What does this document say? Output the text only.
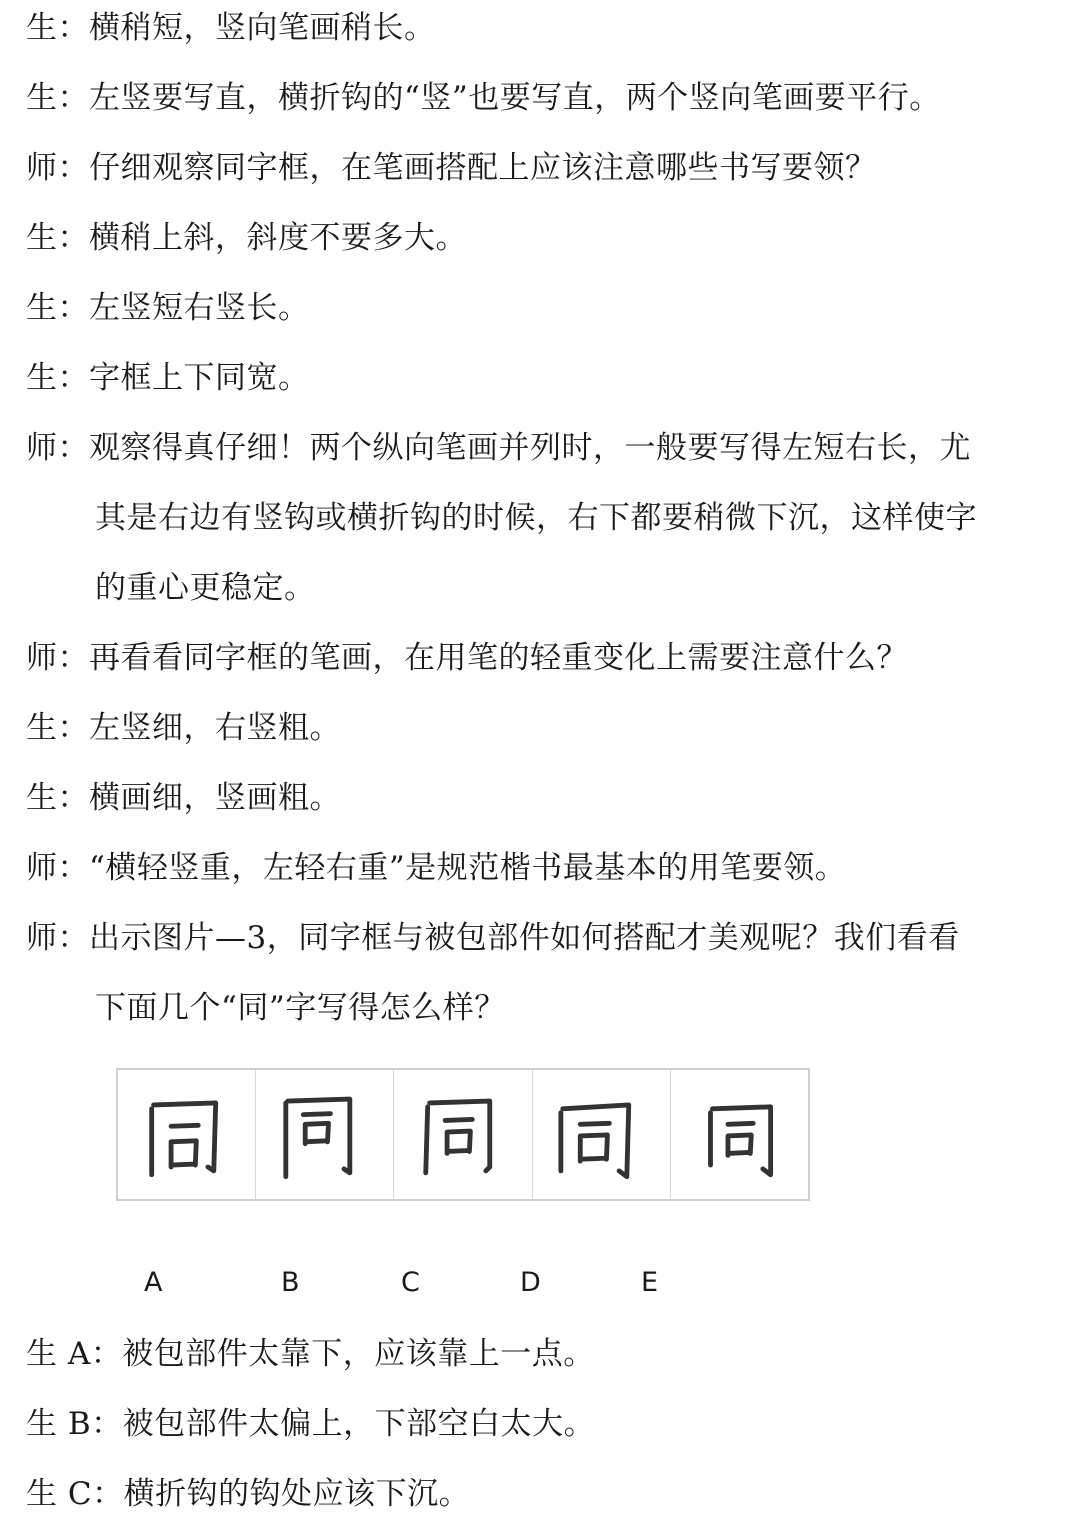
生：横稍短，竖向笔画稍长。
生：左竖要写直，横折钩的“竖”也要写直，两个竖向笔画要平行。
师：仔细观察同字框，在笔画搭配上应该注意哪些书写要领？
生：横稍上斜，斜度不要多大。
生：左竖短右竖长。
生：字框上下同宽。
师：观察得真仔细！两个纵向笔画并列时，一般要写得左短右长，尤
其是右边有竖钩或横折钩的时候，右下都要稍微下沉，这样使字
的重心更稳定。
师：再看看同字框的笔画，在用笔的轻重变化上需要注意什么？
生：左竖细，右竖粗。
生：横画细，竖画粗。
师：“横轻竖重，左轻右重”是规范楷书最基本的用笔要领。
师：出示图片—3，同字框与被包部件如何搭配才美观呢？我们看看
下面几个“同”字写得怎么样？
A	B	C	D	E
生 A：被包部件太靠下，应该靠上一点。
生 B：被包部件太偏上，下部空白太大。
生 C：横折钩的钩处应该下沉。
